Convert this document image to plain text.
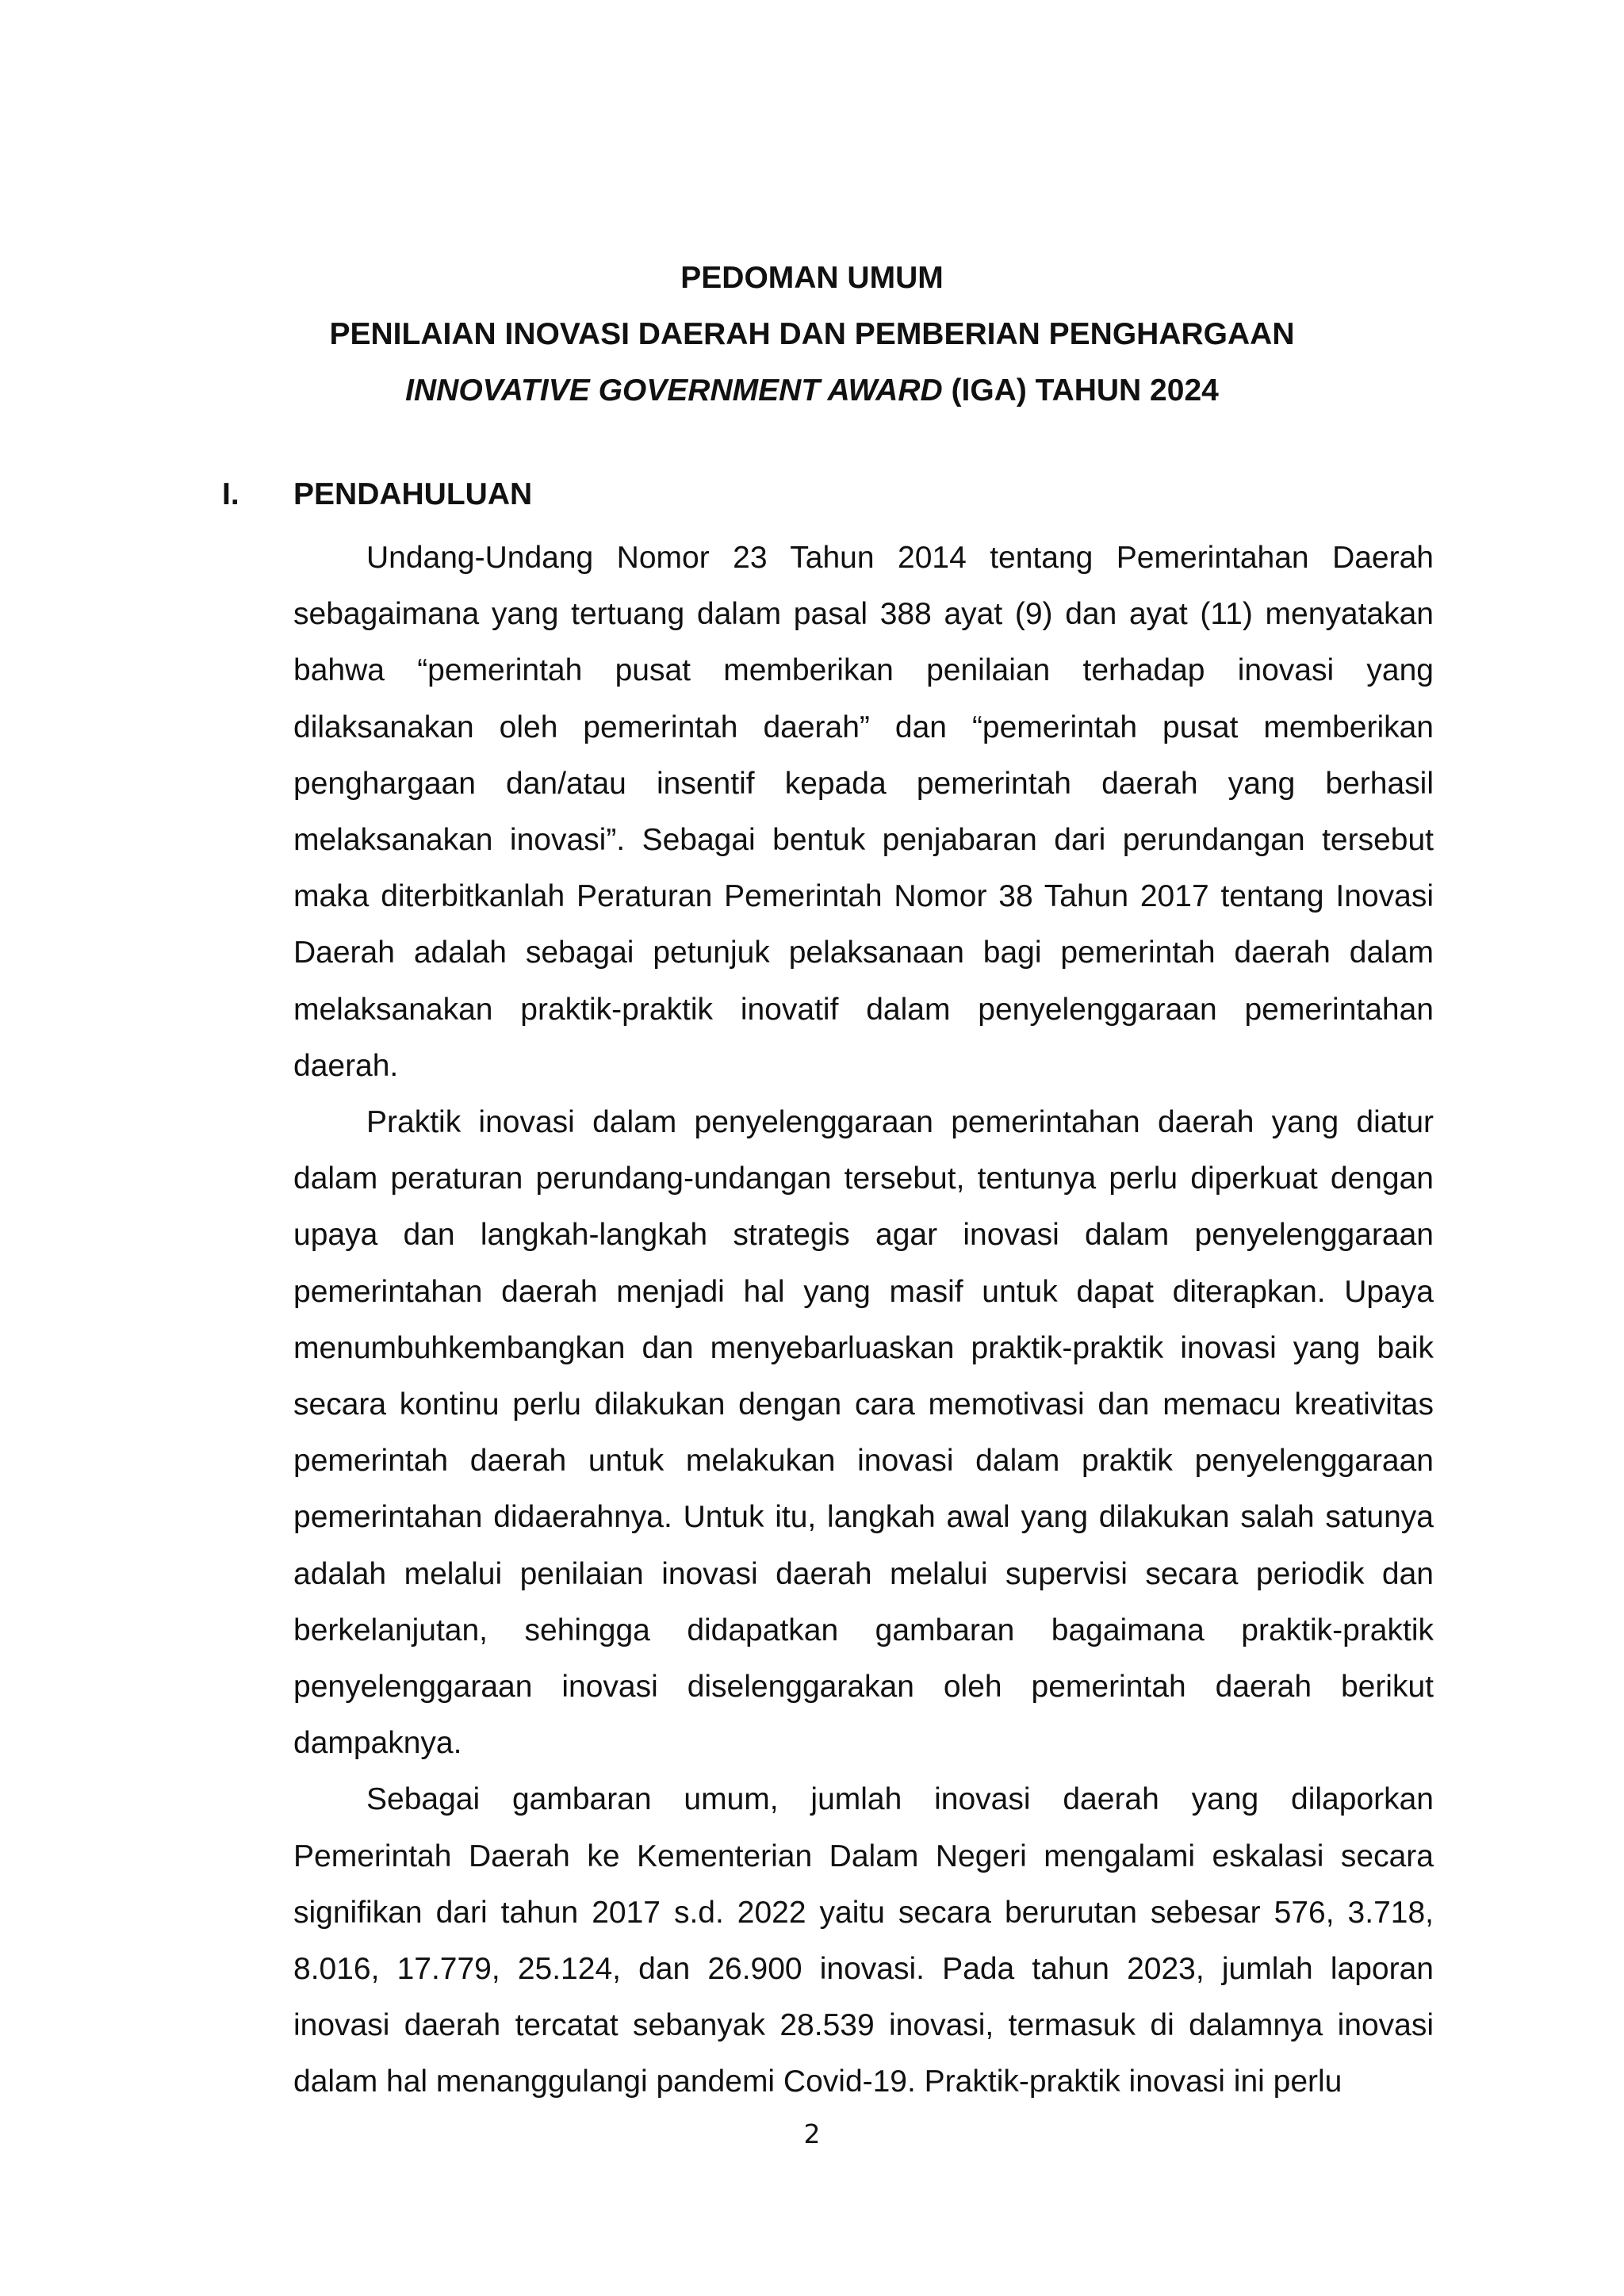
PEDOMAN UMUM
PENILAIAN INOVASI DAERAH DAN PEMBERIAN PENGHARGAAN
INNOVATIVE GOVERNMENT AWARD (IGA) TAHUN 2024
I. PENDAHULUAN

Undang-Undang Nomor 23 Tahun 2014 tentang Pemerintahan Daerah sebagaimana yang tertuang dalam pasal 388 ayat (9) dan ayat (11) menyatakan bahwa “pemerintah pusat memberikan penilaian terhadap inovasi yang dilaksanakan oleh pemerintah daerah” dan “pemerintah pusat memberikan penghargaan dan/atau insentif kepada pemerintah daerah yang berhasil melaksanakan inovasi”. Sebagai bentuk penjabaran dari perundangan tersebut maka diterbitkanlah Peraturan Pemerintah Nomor 38 Tahun 2017 tentang Inovasi Daerah adalah sebagai petunjuk pelaksanaan bagi pemerintah daerah dalam melaksanakan praktik-praktik inovatif dalam penyelenggaraan pemerintahan daerah.

Praktik inovasi dalam penyelenggaraan pemerintahan daerah yang diatur dalam peraturan perundang-undangan tersebut, tentunya perlu diperkuat dengan upaya dan langkah-langkah strategis agar inovasi dalam penyelenggaraan pemerintahan daerah menjadi hal yang masif untuk dapat diterapkan. Upaya menumbuhkembangkan dan menyebarluaskan praktik-praktik inovasi yang baik secara kontinu perlu dilakukan dengan cara memotivasi dan memacu kreativitas pemerintah daerah untuk melakukan inovasi dalam praktik penyelenggaraan pemerintahan didaerahnya. Untuk itu, langkah awal yang dilakukan salah satunya adalah melalui penilaian inovasi daerah melalui supervisi secara periodik dan berkelanjutan, sehingga didapatkan gambaran bagaimana praktik-praktik penyelenggaraan inovasi diselenggarakan oleh pemerintah daerah berikut dampaknya.

Sebagai gambaran umum, jumlah inovasi daerah yang dilaporkan Pemerintah Daerah ke Kementerian Dalam Negeri mengalami eskalasi secara signifikan dari tahun 2017 s.d. 2022 yaitu secara berurutan sebesar 576, 3.718, 8.016, 17.779, 25.124, dan 26.900 inovasi. Pada tahun 2023, jumlah laporan inovasi daerah tercatat sebanyak 28.539 inovasi, termasuk di dalamnya inovasi dalam hal menanggulangi pandemi Covid-19. Praktik-praktik inovasi ini perlu

2
